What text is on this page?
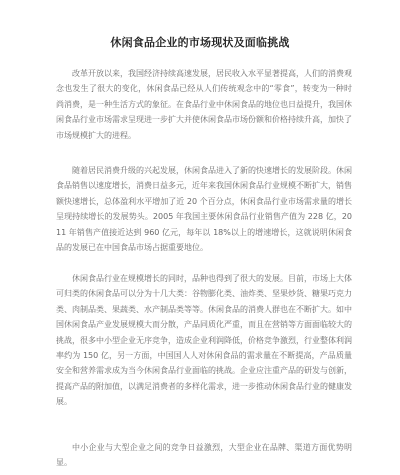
休闲食品企业的市场现状及面临挑战

改革开放以来，我国经济持续高速发展，居民收入水平显著提高，人们的消费观念也发生了很大的变化，休闲食品已经从人们传统观念中的“零食”，转变为一种时尚消费，是一种生活方式的象征。在食品行业中休闲食品的地位也日益提升，我国休闲食品行业市场需求呈现进一步扩大并使休闲食品市场份额和价格持续升高，加快了市场规模扩大的进程。

随着居民消费升级的兴起发展，休闲食品进入了新的快速增长的发展阶段。休闲食品销售以速度增长，消费日益多元，近年来我国休闲食品行业规模不断扩大，销售额快速增长，总体盈利水平增加了近 20 个百分点，休闲食品行业市场需求量的增长呈现持续增长的发展势头。2005 年我国主要休闲食品行业销售产值为 228 亿，2011 年销售产值接近达到 960 亿元，每年以 18%以上的增速增长，这就说明休闲食品的发展已在中国食品市场占据重要地位。

休闲食品行业在规模增长的同时，品种也得到了很大的发展。目前，市场上大体可归类的休闲食品可以分为十几大类：谷物膨化类、油炸类、坚果炒货、糖果巧克力类、肉制品类、果蔬类、水产制品类等等。休闲食品的消费人群也在不断扩大。如中国休闲食品产业发展规模大而分散，产品同质化严重，而且在营销等方面面临较大的挑战，很多中小型企业无序竞争，造成企业利润降低，价格竞争激烈，行业整体利润率约为 150 亿，另一方面，中国国人人对休闲食品的需求量在不断提高，产品质量安全和营养需求成为当今休闲食品行业面临的挑战。企业应注重产品的研发与创新，提高产品的附加值，以满足消费者的多样化需求，进一步推动休闲食品行业的健康发展。

中小企业与大型企业之间的竞争日益激烈，大型企业在品牌、渠道方面优势明显。
